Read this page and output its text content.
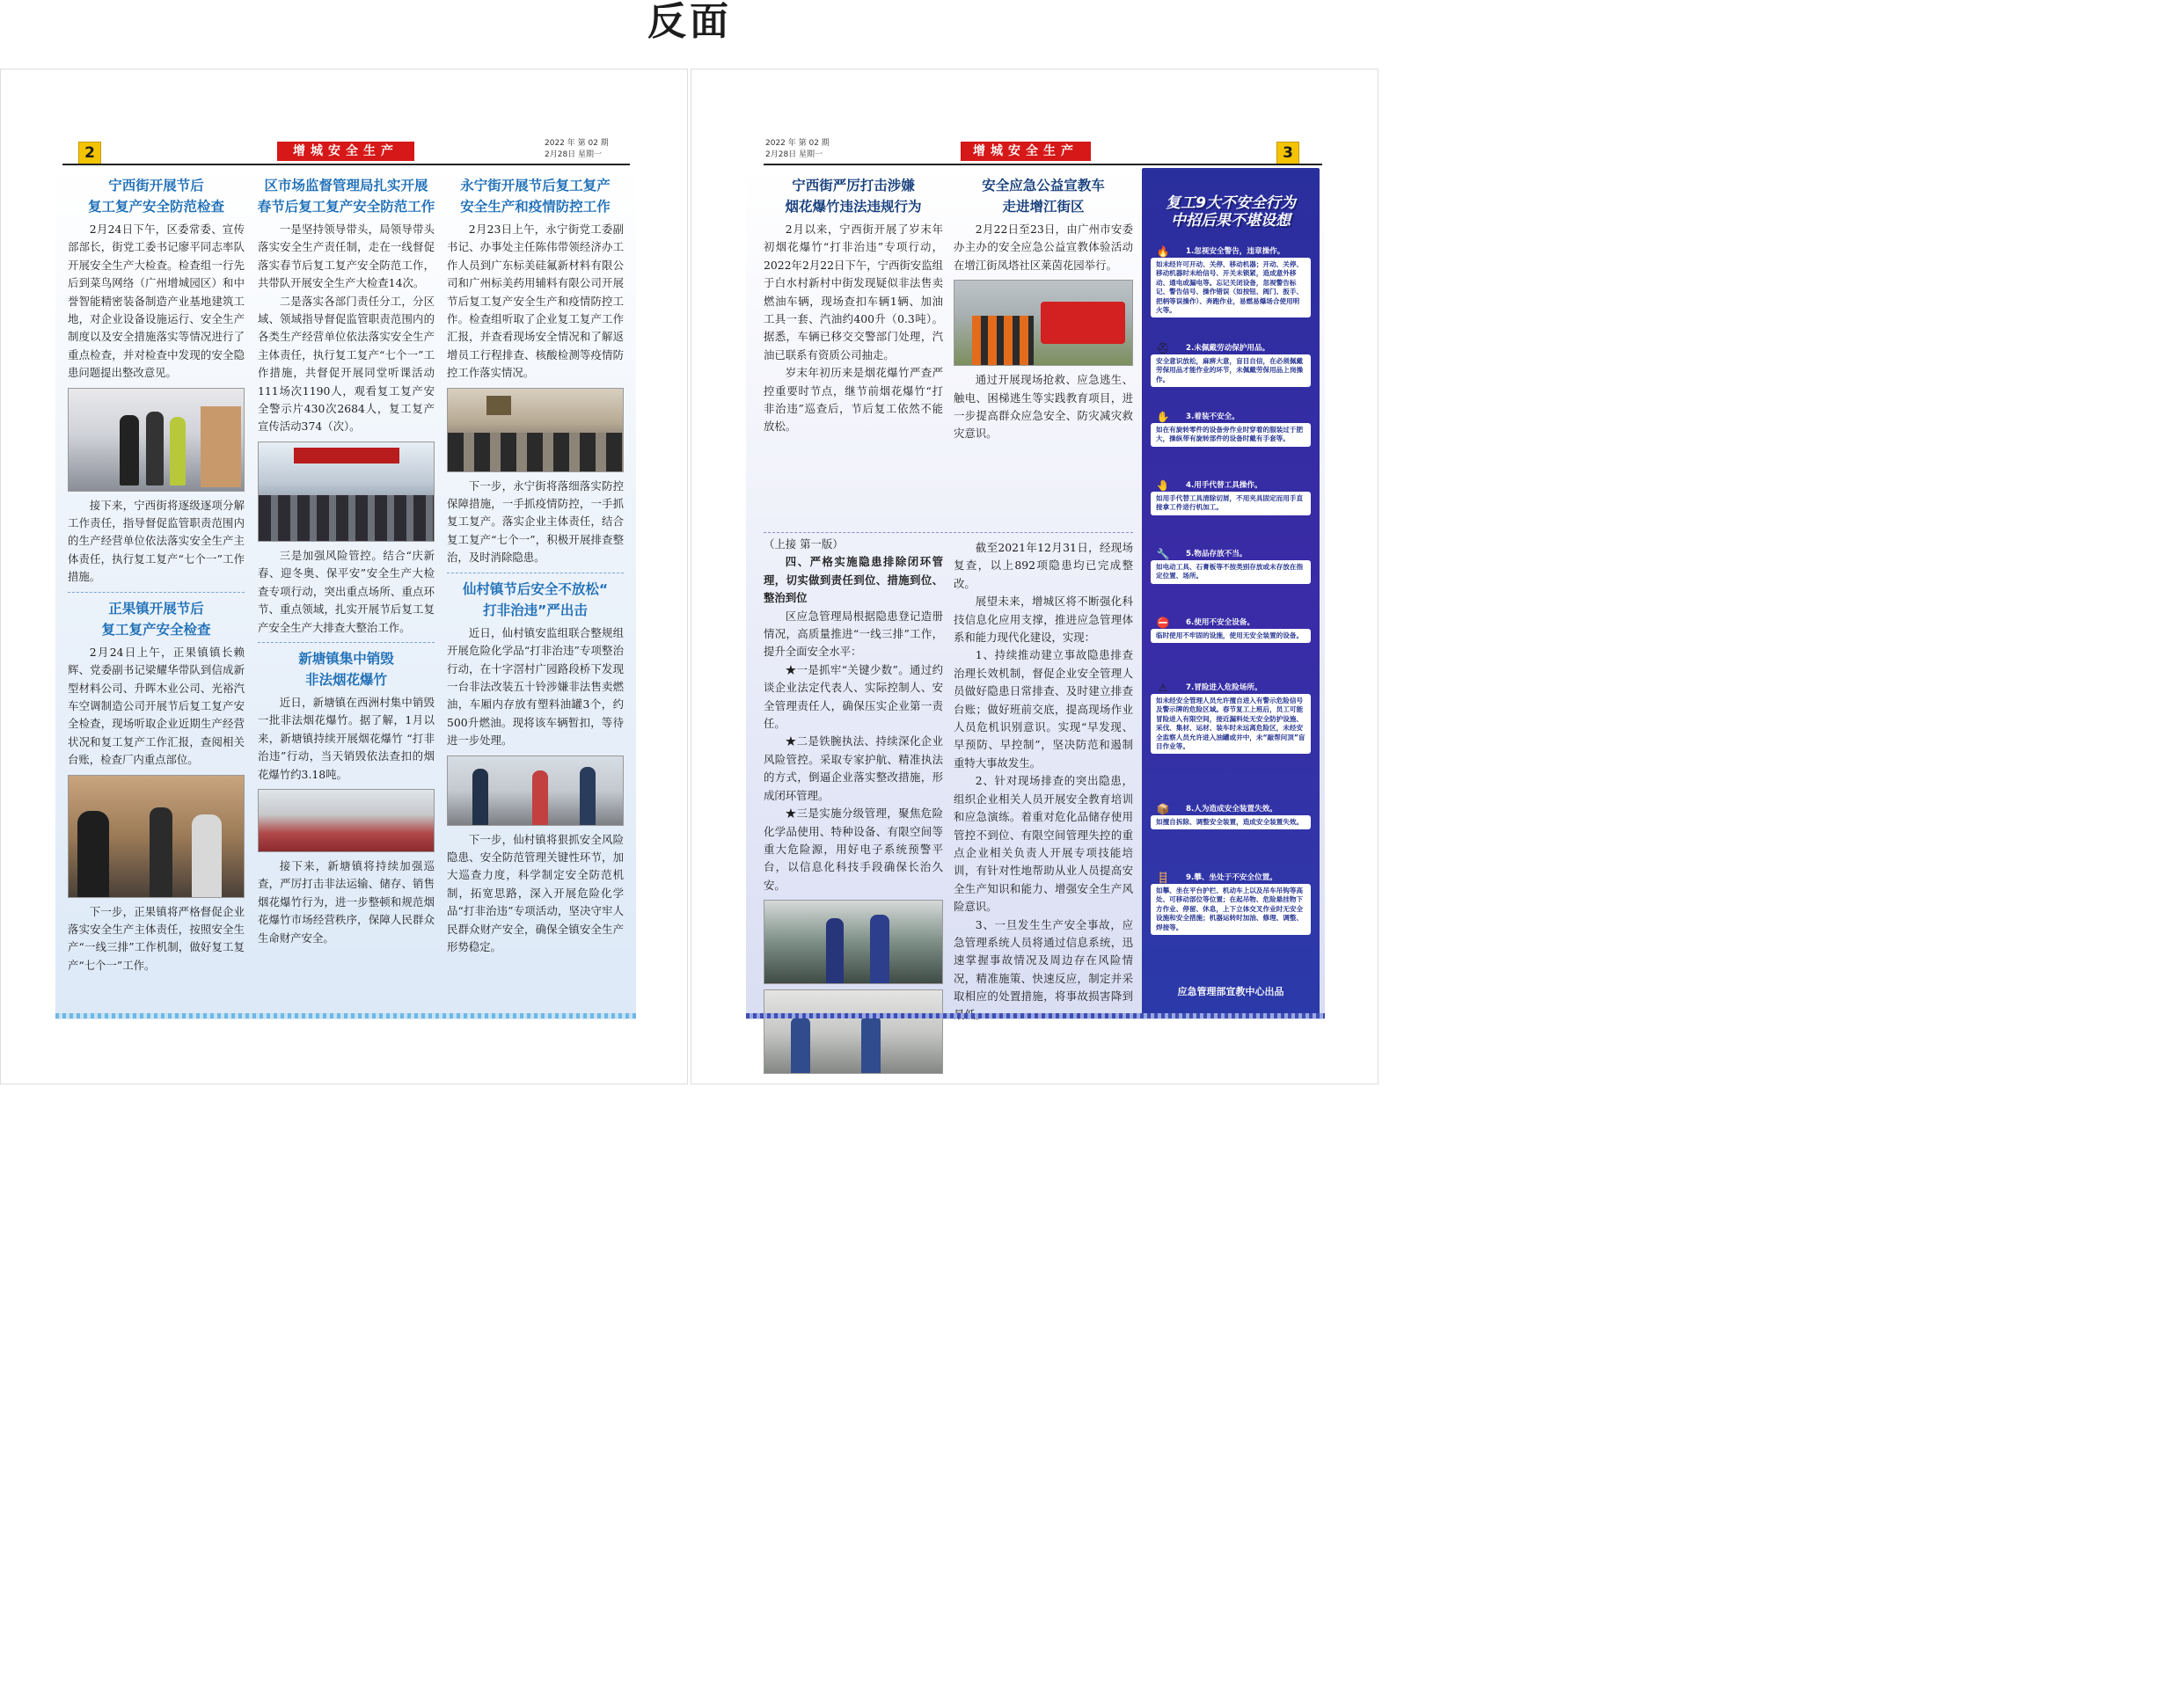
反面
2	增城安全生产
2022 年 第 02 期
2月28日 星期一
宁西街开展节后
复工复产安全防范检查

2月24日下午，区委常委、宣传部部长，街党工委书记廖平同志率队开展安全生产大检查。检查组一行先后到菜鸟网络（广州增城园区）和中誉智能精密装备制造产业基地建筑工地，对企业设备设施运行、安全生产制度以及安全措施落实等情况进行了重点检查，并对检查中发现的安全隐患问题提出整改意见。

接下来，宁西街将逐级逐项分解工作责任，指导督促监管职责范围内的生产经营单位依法落实安全生产主体责任，执行复工复产“七个一”工作措施。

正果镇开展节后
复工复产安全检查

2月24日上午，正果镇镇长赖辉、党委副书记梁耀华带队到信成新型材料公司、升晖木业公司、光裕汽车空调制造公司开展节后复工复产安全检查，现场听取企业近期生产经营状况和复工复产工作汇报，查阅相关台账，检查厂内重点部位。

下一步，正果镇将严格督促企业落实安全生产主体责任，按照安全生产“一线三排”工作机制，做好复工复产“七个一”工作。

区市场监督管理局扎实开展
春节后复工复产安全防范工作

一是坚持领导带头，局领导带头落实安全生产责任制，走在一线督促落实春节后复工复产安全防范工作，共带队开展安全生产大检查14次。

二是落实各部门责任分工，分区域、领域指导督促监管职责范围内的各类生产经营单位依法落实安全生产主体责任，执行复工复产“七个一”工作措施，共督促开展同堂听课活动111场次1190人，观看复工复产安全警示片430次2684人，复工复产宣传活动374（次）。

三是加强风险管控。结合“庆新春、迎冬奥、保平安”安全生产大检查专项行动，突出重点场所、重点环节、重点领域，扎实开展节后复工复产安全生产大排查大整治工作。

新塘镇集中销毁
非法烟花爆竹

近日，新塘镇在西洲村集中销毁一批非法烟花爆竹。据了解，1月以来，新塘镇持续开展烟花爆竹 “打非治违”行动，当天销毁依法查扣的烟花爆竹约3.18吨。

接下来，新塘镇将持续加强巡查，严厉打击非法运输、储存、销售烟花爆竹行为，进一步整顿和规范烟花爆竹市场经营秩序，保障人民群众生命财产安全。

永宁街开展节后复工复产
安全生产和疫情防控工作

2月23日上午，永宁街党工委副书记、办事处主任陈伟带领经济办工作人员到广东标美硅氟新材料有限公司和广州标美药用辅料有限公司开展节后复工复产安全生产和疫情防控工作。检查组听取了企业复工复产工作汇报，并查看现场安全情况和了解返增员工行程排查、核酸检测等疫情防控工作落实情况。

下一步，永宁街将落细落实防控保障措施，一手抓疫情防控，一手抓复工复产。落实企业主体责任，结合复工复产“七个一”，积极开展排查整治，及时消除隐患。

仙村镇节后安全不放松“
打非治违”严出击

近日，仙村镇安监组联合整规组开展危险化学品“打非治违”专项整治行动，在十字滘村广园路段桥下发现一台非法改装五十铃涉嫌非法售卖燃油，车厢内存放有塑料油罐3个，约500升燃油。现将该车辆暂扣，等待进一步处理。

下一步，仙村镇将狠抓安全风险隐患、安全防范管理关键性环节，加大巡查力度，科学制定安全防范机制，拓宽思路，深入开展危险化学品“打非治违”专项活动，坚决守牢人民群众财产安全，确保全镇安全生产形势稳定。

2022 年 第 02 期
2月28日 星期一	增城安全生产	3
宁西街严厉打击涉嫌
烟花爆竹违法违规行为

2月以来，宁西街开展了岁末年初烟花爆竹“打非治违”专项行动，2022年2月22日下午，宁西街安监组于白水村新村中街发现疑似非法售卖燃油车辆，现场查扣车辆1辆、加油工具一套、汽油约400升（0.3吨）。据悉，车辆已移交交警部门处理，汽油已联系有资质公司抽走。

岁末年初历来是烟花爆竹严查严控重要时节点，继节前烟花爆竹“打非治违”巡查后，节后复工依然不能放松。

安全应急公益宣教车
走进增江街区

2月22日至23日，由广州市安委办主办的安全应急公益宣教体验活动在增江街凤塔社区莱茵花园举行。

通过开展现场抢救、应急逃生、触电、困梯逃生等实践教育项目，进一步提高群众应急安全、防灾减灾救灾意识。

（上接 第一版）

四、严格实施隐患排除闭环管理，切实做到责任到位、措施到位、整治到位

区应急管理局根据隐患登记造册情况，高质量推进“一线三排”工作，提升全面安全水平：

★一是抓牢“关键少数”。通过约谈企业法定代表人、实际控制人、安全管理责任人，确保压实企业第一责任。

★二是铁腕执法、持续深化企业风险管控。采取专家护航、精准执法的方式，倒逼企业落实整改措施，形成闭环管理。

★三是实施分级管理，聚焦危险化学品使用、特种设备、有限空间等重大危险源，用好电子系统预警平台，以信息化科技手段确保长治久安。

截至2021年12月31日，经现场复查，以上892项隐患均已完成整改。

展望未来，增城区将不断强化科技信息化应用支撑，推进应急管理体系和能力现代化建设，实现：

1、持续推动建立事故隐患排查治理长效机制，督促企业安全管理人员做好隐患日常排查、及时建立排查台账；做好班前交底，提高现场作业人员危机识别意识。实现“早发现、早预防、早控制”，坚决防范和遏制重特大事故发生。

2、针对现场排查的突出隐患，组织企业相关人员开展安全教育培训和应急演练。着重对危化品储存使用管控不到位、有限空间管理失控的重点企业相关负责人开展专项技能培训，有针对性地帮助从业人员提高安全生产知识和能力、增强安全生产风险意识。

3、一旦发生生产安全事故，应急管理系统人员将通过信息系统，迅速掌握事故情况及周边存在风险情况，精准施策、快速反应，制定并采取相应的处置措施，将事故损害降到

复工9大不安全行为
中招后果不堪设想
🔥	1.忽视安全警告，违章操作。
如未经许可开动、关停、移动机器；开动、关停、移动机器时未给信号、开关未锁紧，造成意外移动、通电或漏电等。忘记关闭设备，忽视警告标记、警告信号、操作错误（如按钮、阀门、扳手、把柄等误操作）、奔跑作业，易燃易爆场合使用明火等。
⛑	2.未佩戴劳动保护用品。
安全意识放松，麻痹大意，盲目自信，在必须佩戴劳保用品才能作业的环节，未佩戴劳保用品上岗操作。
✋	3.着装不安全。
如在有旋转零件的设备旁作业时穿着的服装过于肥大，操纵带有旋转部件的设备时戴有手套等。
🤚	4.用手代替工具操作。
如用手代替工具清除切屑，不用夹具固定而用手直接拿工件进行机加工。
🔧	5.物品存放不当。
如电动工具、石膏板等不按类别存放或未存放在指定位置、场所。
⛔	6.使用不安全设备。
临时使用不牢固的设施，使用无安全装置的设备。
⚠	7.冒险进入危险场所。
如未经安全管理人员允许擅自进入有警示危险信号及警示牌的危险区域。春节复工上班后，员工可能冒险进入有限空间，接近漏料处无安全防护设施、采伐、集材、运材、装车时未远离危险区，未经安全监察人员允许进入油罐或井中，未“敲帮问顶”盲目作业等。
📦	8.人为造成安全装置失效。
如擅自拆除、调整安全装置，造成安全装置失效。
🪜	9.攀、坐处于不安全位置。
如攀、坐在平台护栏、机动车上以及吊车吊钩等高处、可移动部位等位置；在起吊物、危险悬挂物下方作业、停留、休息，上下立体交叉作业时无安全设施和安全措施；机器运转时加油、修理、调整、焊接等。
应急管理部宣教中心出品
